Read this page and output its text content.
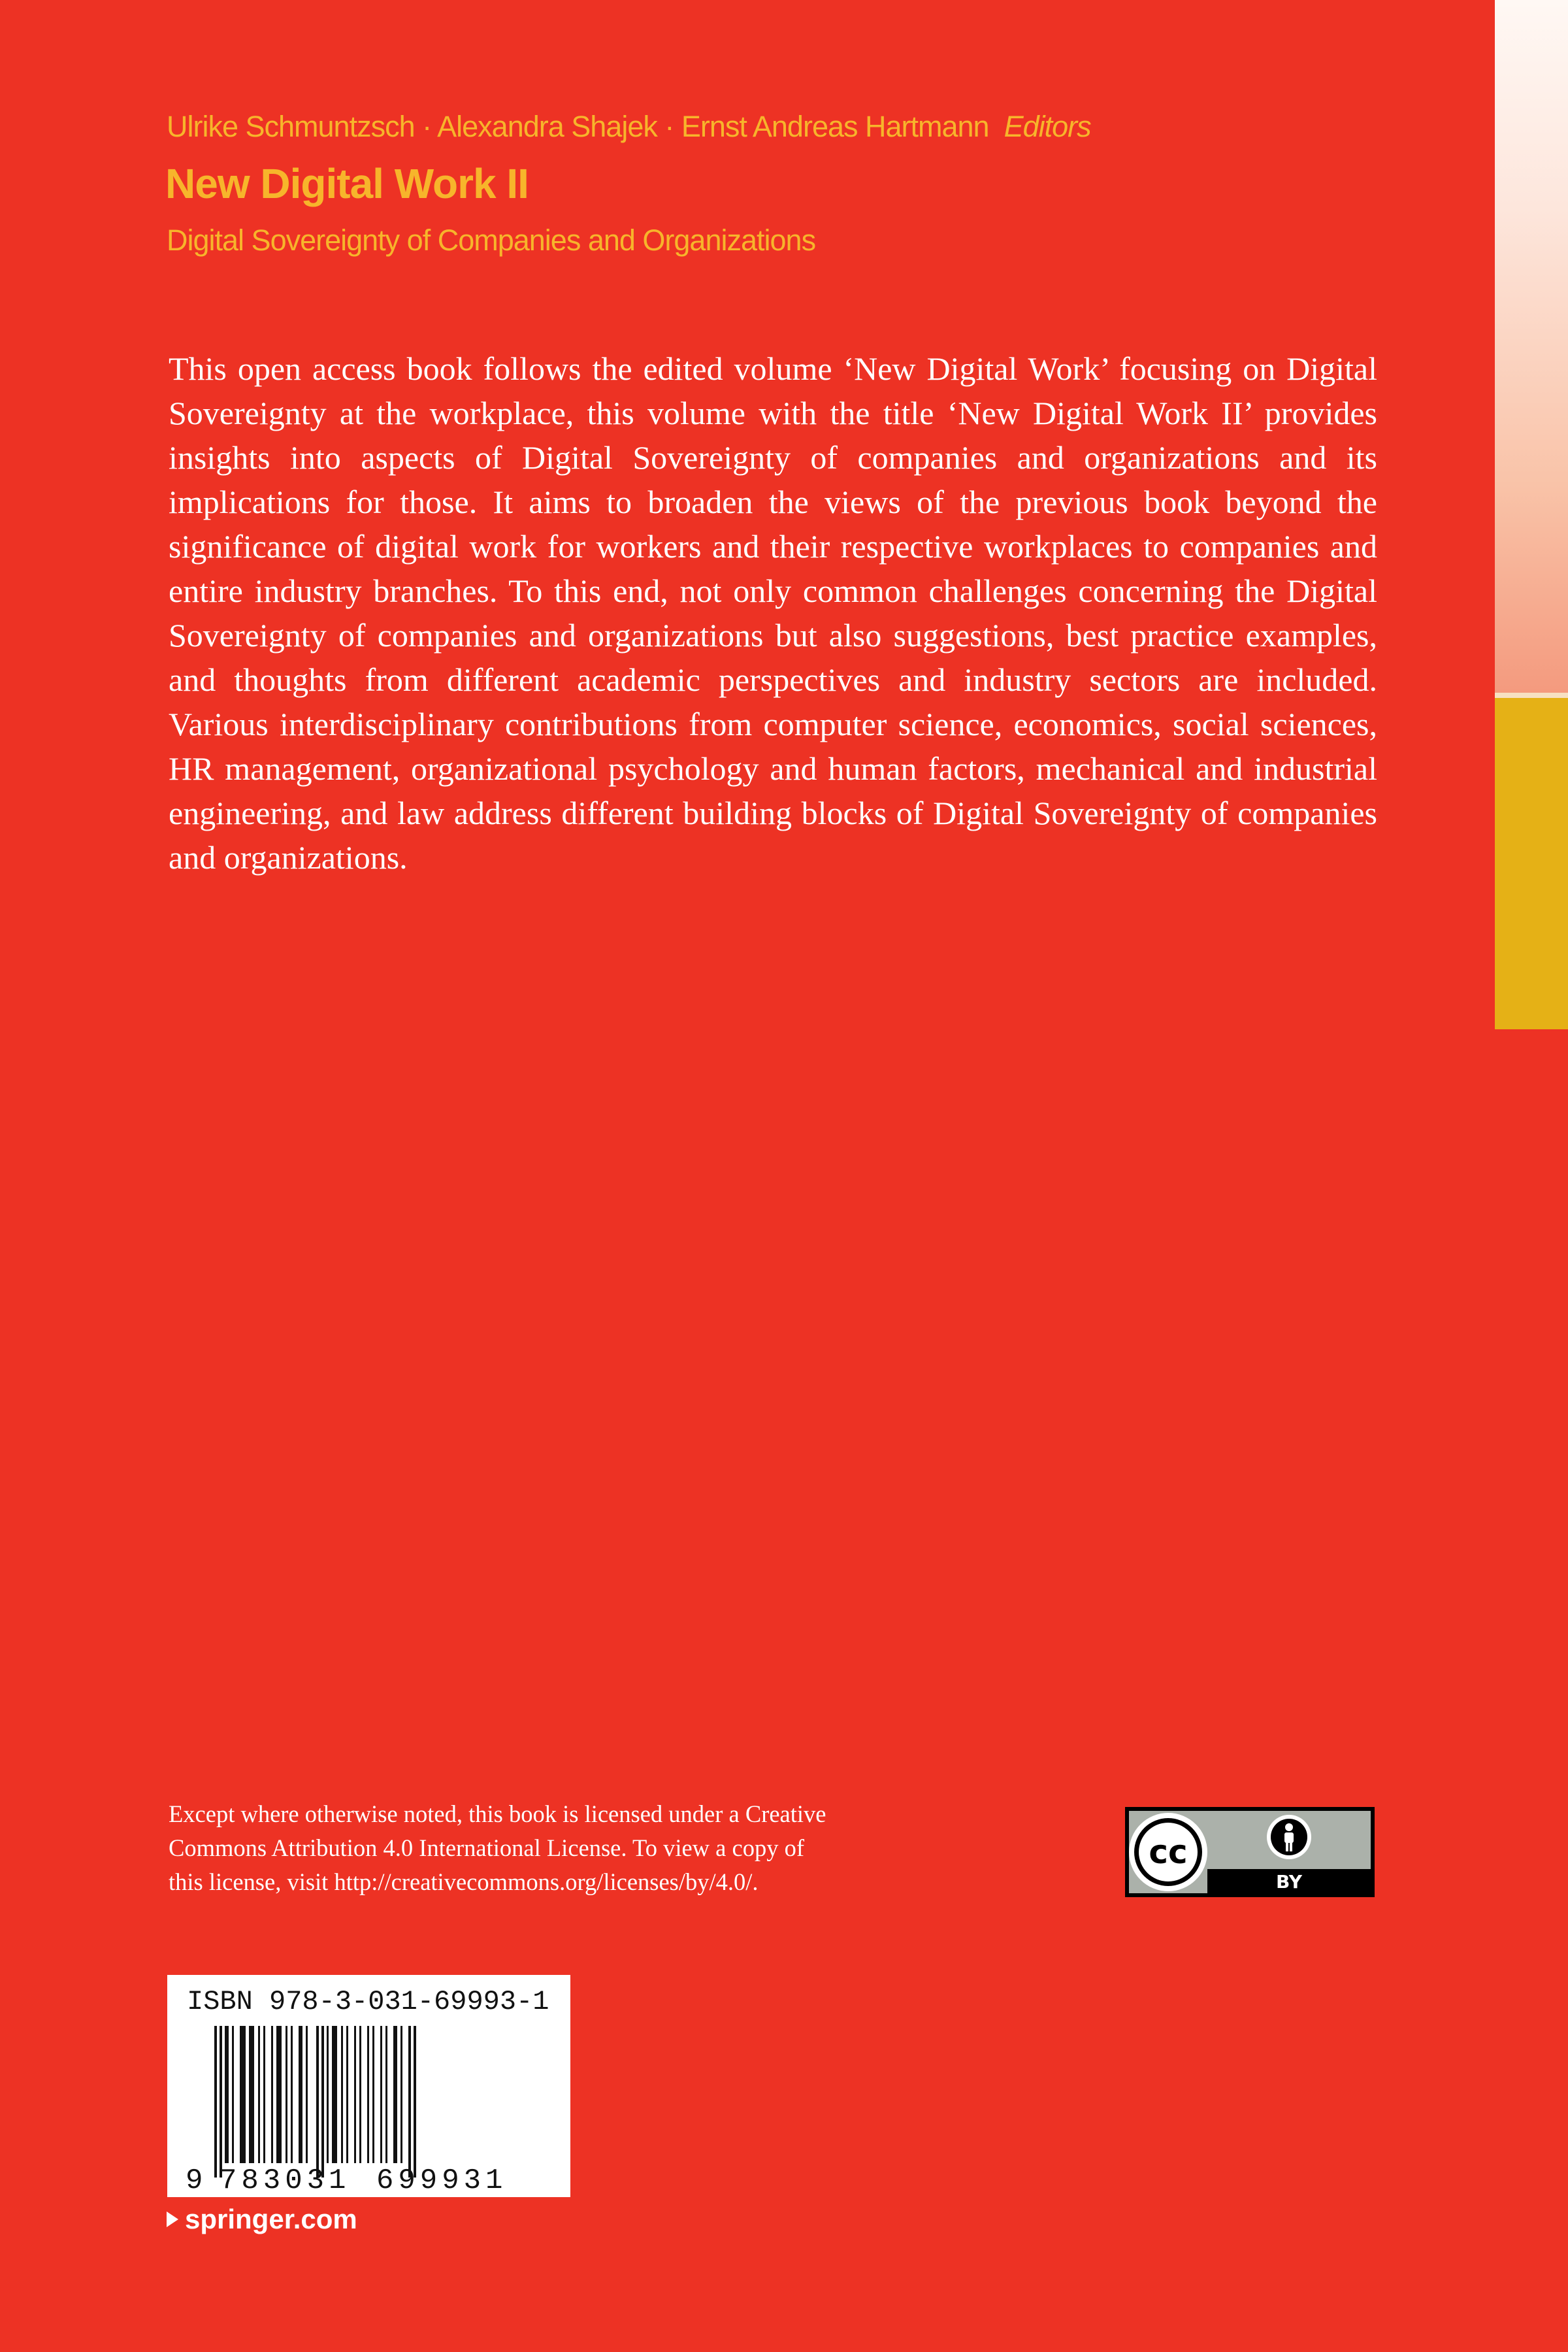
Ulrike Schmuntzsch · Alexandra Shajek · Ernst Andreas Hartmann Editors
New Digital Work II
Digital Sovereignty of Companies and Organizations

This open access book follows the edited volume ‘New Digital Work’ focusing on Digital Sovereignty at the workplace, this volume with the title ‘New Digital Work II’ provides insights into aspects of Digital Sovereignty of companies and organizations and its implications for those. It aims to broaden the views of the previous book beyond the significance of digital work for workers and their respective workplaces to companies and entire industry branches. To this end, not only common challenges concerning the Digital Sovereignty of companies and organizations but also suggestions, best practice examples, and thoughts from different academic perspectives and industry sectors are included. Various interdisciplinary contributions from computer science, economics, social sciences, HR management, organizational psychology and human factors, mechanical and industrial engineering, and law address different building blocks of Digital Sovereignty of companies and organizations.

Except where otherwise noted, this book is licensed under a Creative
Commons Attribution 4.0 International License. To view a copy of
this license, visit http://creativecommons.org/licenses/by/4.0/.
cc
BY
ISBN 978-3-031-69993-1
9 783031 699931
springer.com
